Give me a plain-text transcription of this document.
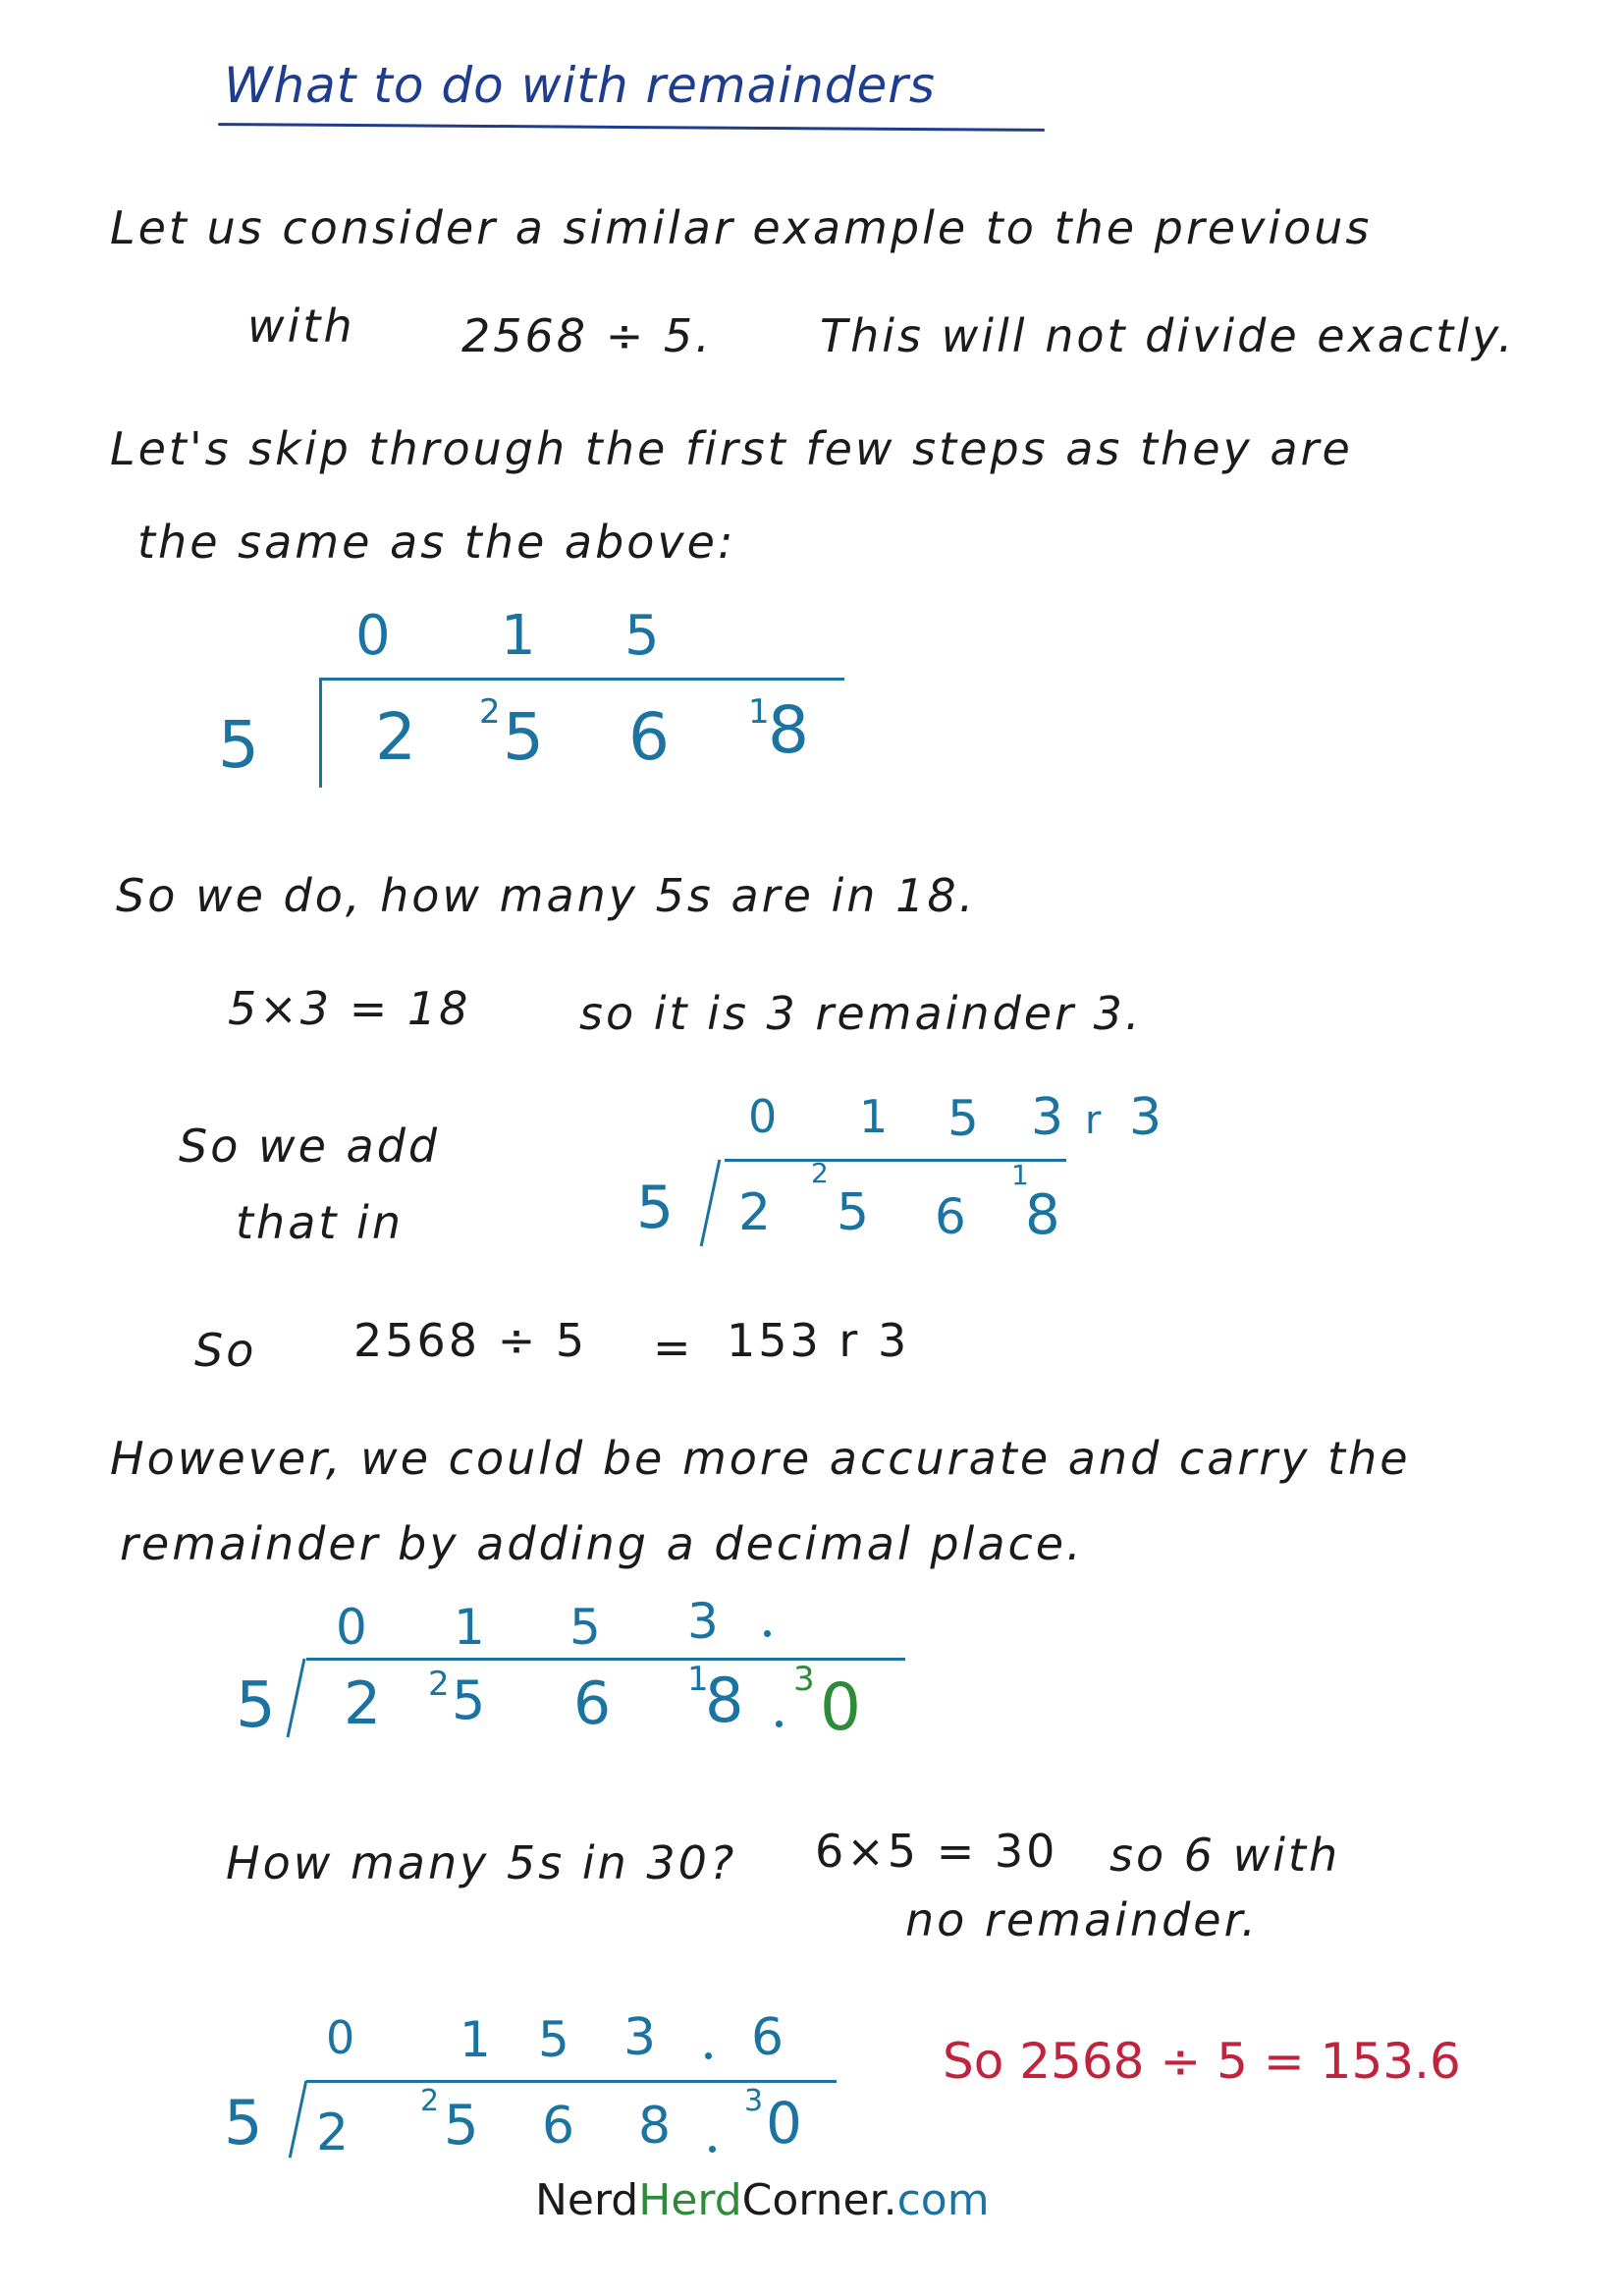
What to do with remainders
Let us consider a similar example to the previous
with 2568 ÷ 5. This will not divide exactly.
Let's skip through the first few steps as they are
the same as the above:
0 1 5
5 2 2 5 6 1
8
So we do, how many 5s are in 18.
5×3 = 18 so it is 3 remainder 3.
So we add
that in
0 1 5 3 r 3
5 2
2
5 6
1
8
So 2568 ÷ 5 = 153 r 3
However, we could be more accurate and carry the
remainder by adding a decimal place.
0 1 5 3
5 2 2 5 6 1
8 3 0
How many 5s in 30? 6×5 = 30 so 6 with
no remainder.
0 1 5 3 6
5 2
2 5 6 8 3 0
So 2568 ÷ 5 = 153.6
NerdHerdCorner.com
